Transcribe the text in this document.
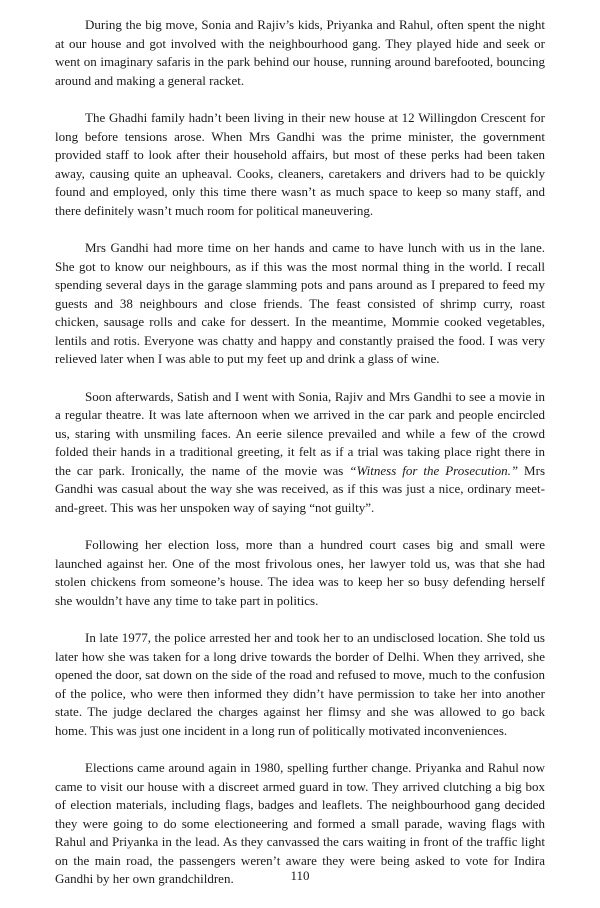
During the big move, Sonia and Rajiv’s kids, Priyanka and Rahul, often spent the night at our house and got involved with the neighbourhood gang. They played hide and seek or went on imaginary safaris in the park behind our house, running around barefooted, bouncing around and making a general racket.

The Ghadhi family hadn’t been living in their new house at 12 Willingdon Crescent for long before tensions arose. When Mrs Gandhi was the prime minister, the government provided staff to look after their household affairs, but most of these perks had been taken away, causing quite an upheaval. Cooks, cleaners, caretakers and drivers had to be quickly found and employed, only this time there wasn’t as much space to keep so many staff, and there definitely wasn’t much room for political maneuvering.

Mrs Gandhi had more time on her hands and came to have lunch with us in the lane. She got to know our neighbours, as if this was the most normal thing in the world. I recall spending several days in the garage slamming pots and pans around as I prepared to feed my guests and 38 neighbours and close friends. The feast consisted of shrimp curry, roast chicken, sausage rolls and cake for dessert. In the meantime, Mommie cooked vegetables, lentils and rotis. Everyone was chatty and happy and constantly praised the food. I was very relieved later when I was able to put my feet up and drink a glass of wine.

Soon afterwards, Satish and I went with Sonia, Rajiv and Mrs Gandhi to see a movie in a regular theatre. It was late afternoon when we arrived in the car park and people encircled us, staring with unsmiling faces. An eerie silence prevailed and while a few of the crowd folded their hands in a traditional greeting, it felt as if a trial was taking place right there in the car park. Ironically, the name of the movie was “Witness for the Prosecution.” Mrs Gandhi was casual about the way she was received, as if this was just a nice, ordinary meet-and-greet. This was her unspoken way of saying “not guilty”.

Following her election loss, more than a hundred court cases big and small were launched against her. One of the most frivolous ones, her lawyer told us, was that she had stolen chickens from someone’s house. The idea was to keep her so busy defending herself she wouldn’t have any time to take part in politics.

In late 1977, the police arrested her and took her to an undisclosed location. She told us later how she was taken for a long drive towards the border of Delhi. When they arrived, she opened the door, sat down on the side of the road and refused to move, much to the confusion of the police, who were then informed they didn’t have permission to take her into another state. The judge declared the charges against her flimsy and she was allowed to go back home. This was just one incident in a long run of politically motivated inconveniences.

Elections came around again in 1980, spelling further change. Priyanka and Rahul now came to visit our house with a discreet armed guard in tow. They arrived clutching a big box of election materials, including flags, badges and leaflets. The neighbourhood gang decided they were going to do some electioneering and formed a small parade, waving flags with Rahul and Priyanka in the lead. As they canvassed the cars waiting in front of the traffic light on the main road, the passengers weren’t aware they were being asked to vote for Indira Gandhi by her own grandchildren.	110
